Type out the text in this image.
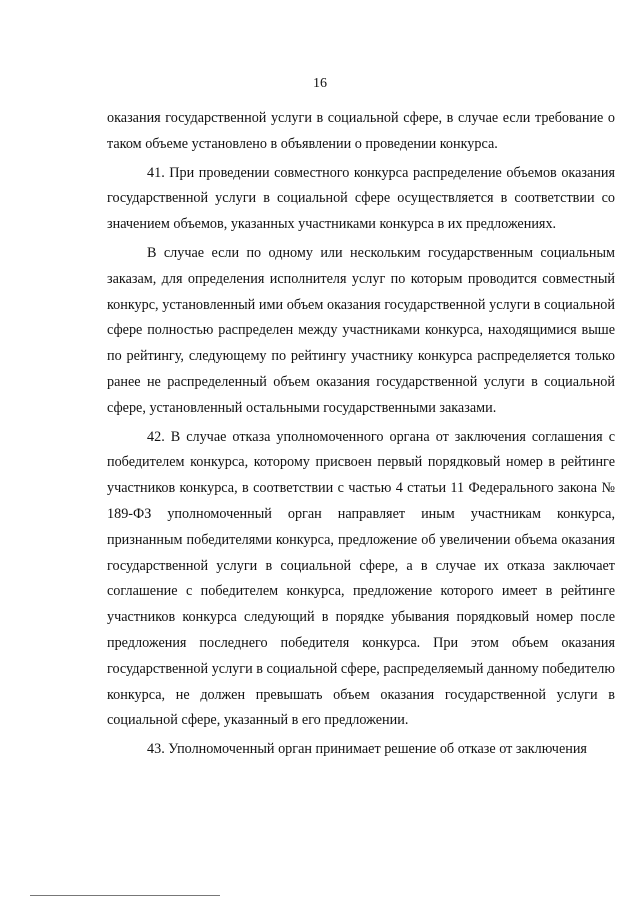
16

оказания государственной услуги в социальной сфере, в случае если требование о таком объеме установлено в объявлении о проведении конкурса.

41. При проведении совместного конкурса распределение объемов оказания государственной услуги в социальной сфере осуществляется в соответствии со значением объемов, указанных участниками конкурса в их предложениях.

В случае если по одному или нескольким государственным социальным заказам, для определения исполнителя услуг по которым проводится совместный конкурс, установленный ими объем оказания государственной услуги в социальной сфере полностью распределен между участниками конкурса, находящимися выше по рейтингу, следующему по рейтингу участнику конкурса распределяется только ранее не распределенный объем оказания государственной услуги в социальной сфере, установленный остальными государственными заказами.

42. В случае отказа уполномоченного органа от заключения соглашения с победителем конкурса, которому присвоен первый порядковый номер в рейтинге участников конкурса, в соответствии с частью 4 статьи 11 Федерального закона № 189-ФЗ уполномоченный орган направляет иным участникам конкурса, признанным победителями конкурса, предложение об увеличении объема оказания государственной услуги в социальной сфере, а в случае их отказа заключает соглашение с победителем конкурса, предложение которого имеет в рейтинге участников конкурса следующий в порядке убывания порядковый номер после предложения последнего победителя конкурса. При этом объем оказания государственной услуги в социальной сфере, распределяемый данному победителю конкурса, не должен превышать объем оказания государственной услуги в социальной сфере, указанный в его предложении.

43. Уполномоченный орган принимает решение об отказе от заключения
